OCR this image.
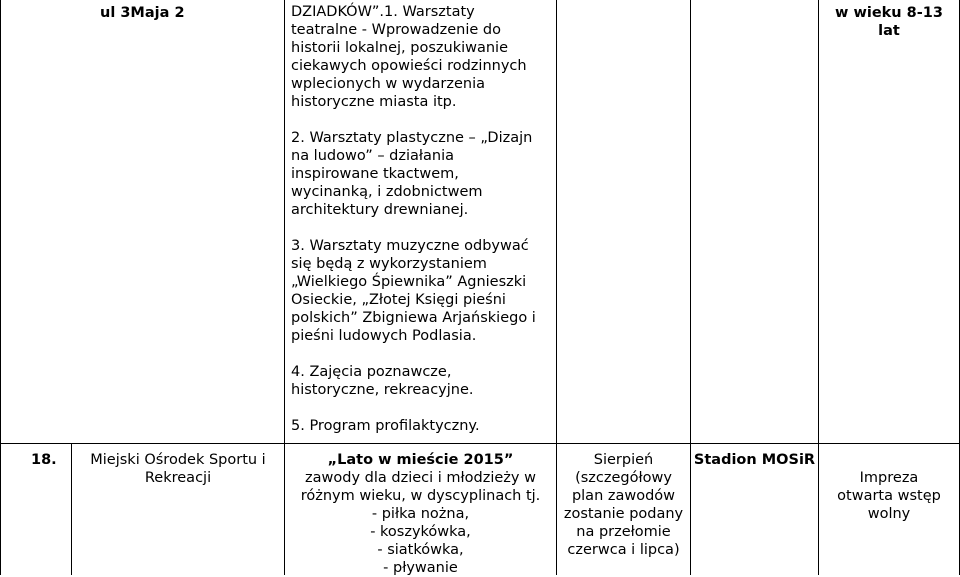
ul 3Maja 2	DZIADKÓW”.1. Warsztaty
teatralne - Wprowadzenie do
historii lokalnej, poszukiwanie
ciekawych opowieści rodzinnych
wplecionych w wydarzenia
historyczne miasta itp.

2. Warsztaty plastyczne – „Dizajn
na ludowo” – działania
inspirowane tkactwem,
wycinanką, i zdobnictwem
architektury drewnianej.

3. Warsztaty muzyczne odbywać
się będą z wykorzystaniem
„Wielkiego Śpiewnika” Agnieszki
Osieckie, „Złotej Księgi pieśni
polskich” Zbigniewa Arjańskiego i
pieśni ludowych Podlasia.

4. Zajęcia poznawcze,
historyczne, rekreacyjne.

5. Program profilaktyczny.

w wieku 8-13
lat

18.	Miejski Ośrodek Sportu i
Rekreacji

„Lato w mieście 2015”

zawody dla dzieci i młodzieży w
różnym wieku, w dyscyplinach tj.
- piłka nożna,
- koszykówka,
- siatkówka,
- pływanie

Sierpień
(szczegółowy
plan zawodów
zostanie podany
na przełomie
czerwca i lipca)

Stadion MOSiR

Impreza
otwarta wstęp
wolny
